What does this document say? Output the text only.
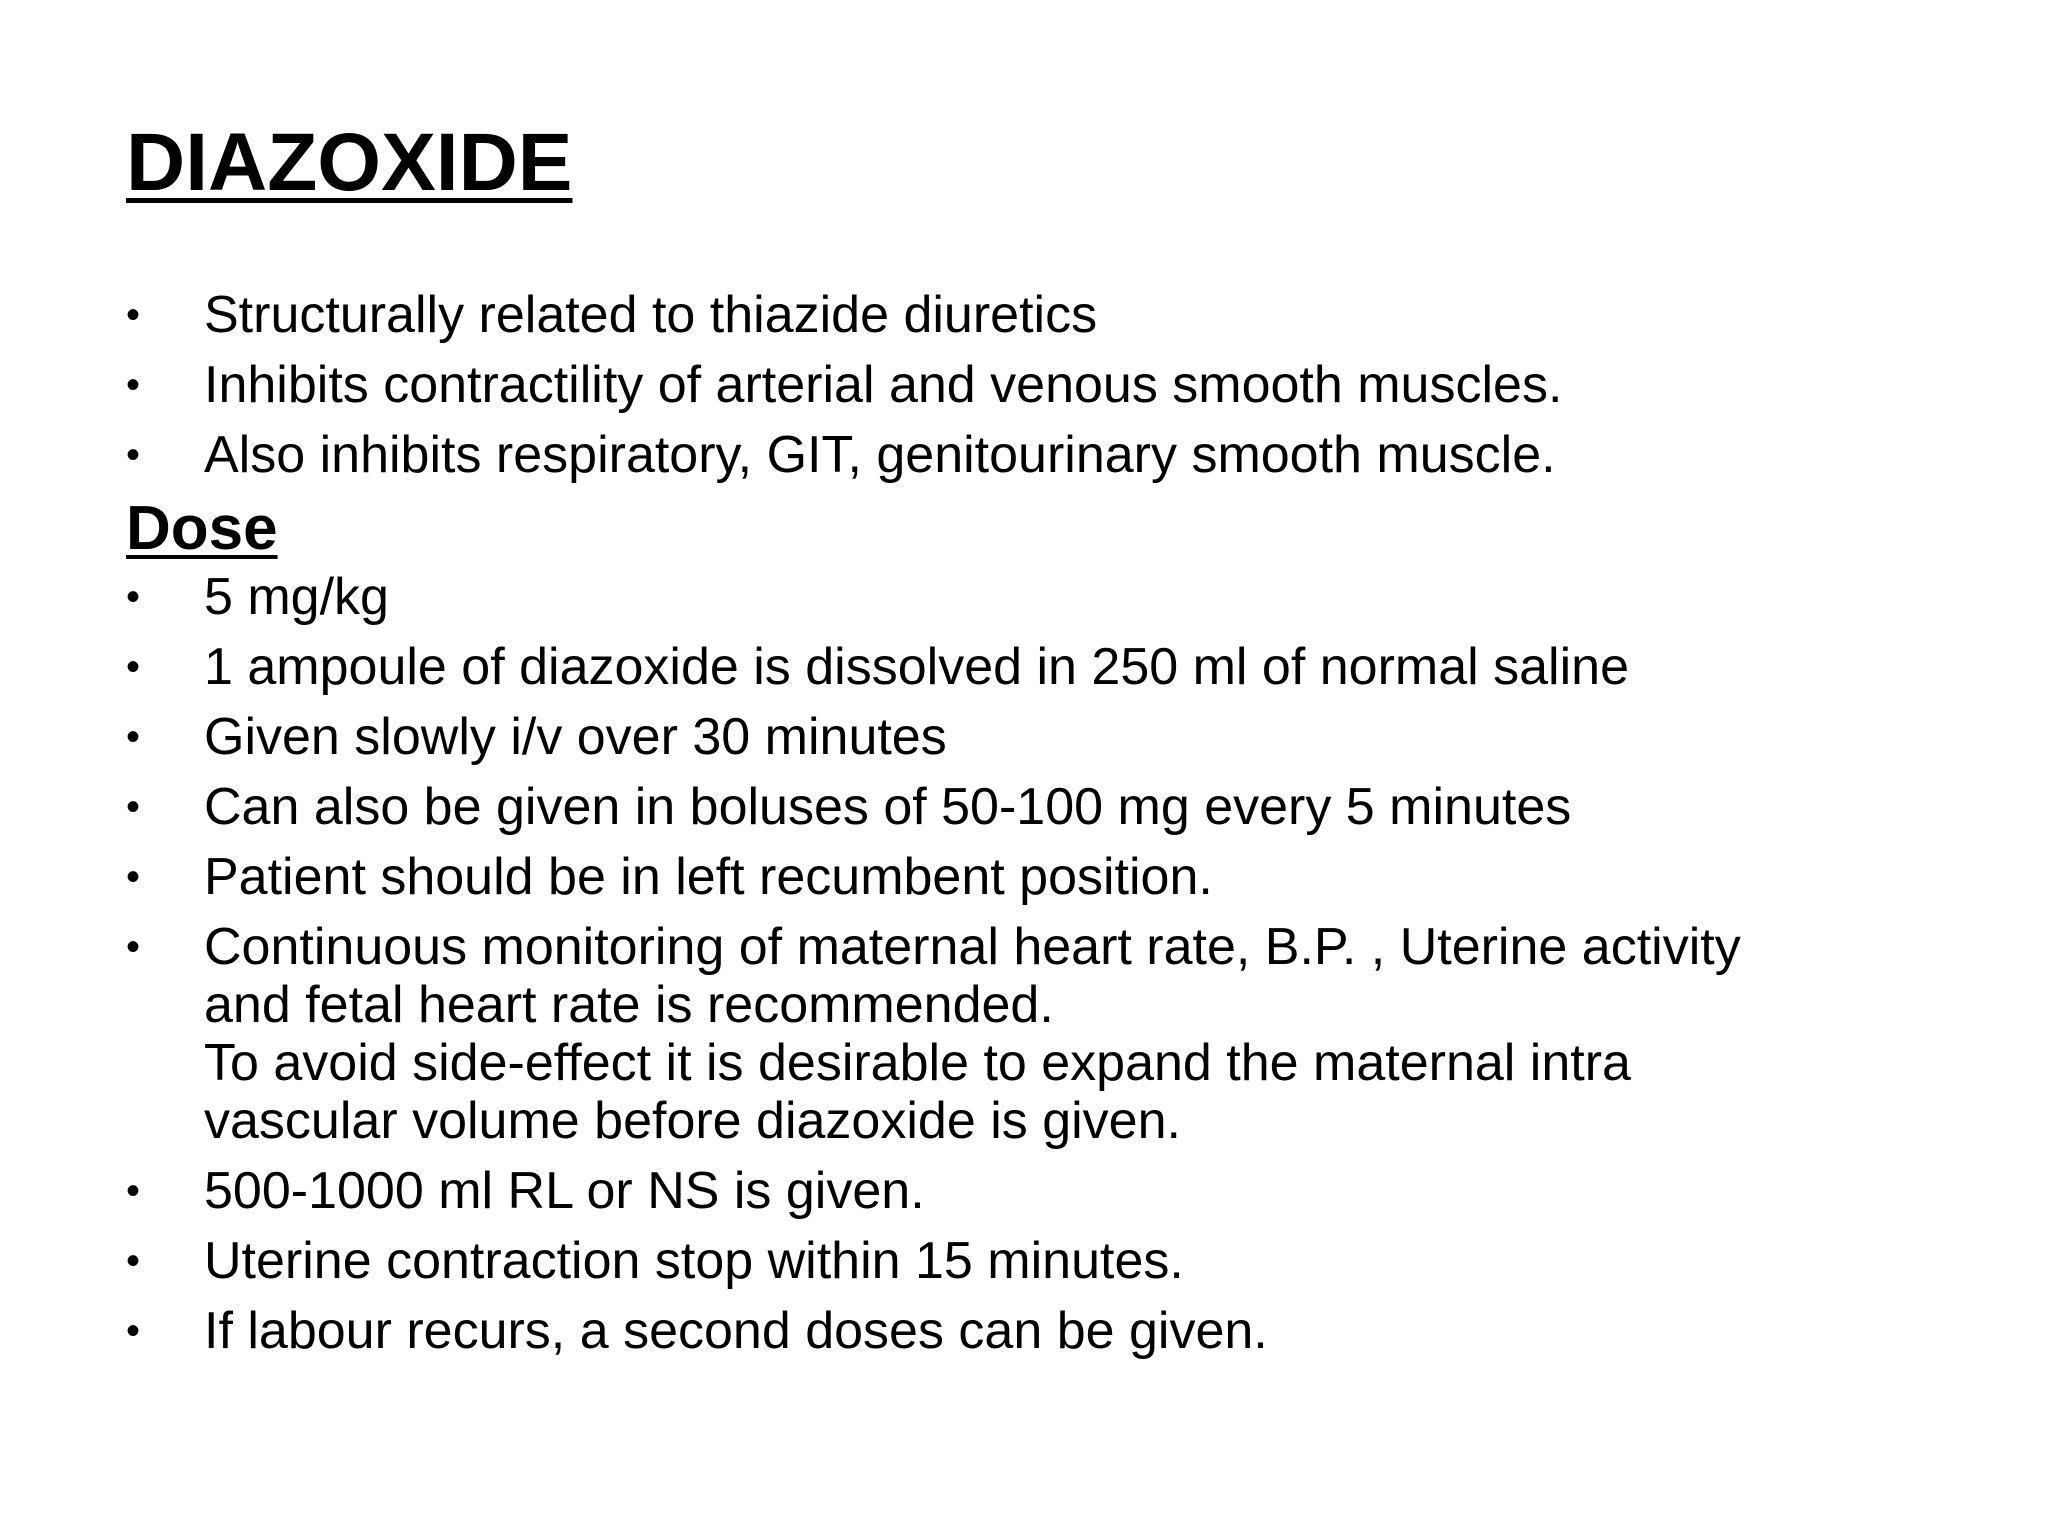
DIAZOXIDE
• Structurally related to thiazide diuretics
• Inhibits contractility of arterial and venous smooth muscles.
• Also inhibits respiratory, GIT, genitourinary smooth muscle.
Dose
• 5 mg/kg
• 1 ampoule of diazoxide is dissolved in 250 ml of normal saline
• Given slowly i/v over 30 minutes
• Can also be given in boluses of 50-100 mg every 5 minutes
• Patient should be in left recumbent position.
• Continuous monitoring of maternal heart rate, B.P. , Uterine activity
and fetal heart rate is recommended.
To avoid side-effect it is desirable to expand the maternal intra
vascular volume before diazoxide is given.
• 500-1000 ml RL or NS is given.
• Uterine contraction stop within 15 minutes.
• If labour recurs, a second doses can be given.
